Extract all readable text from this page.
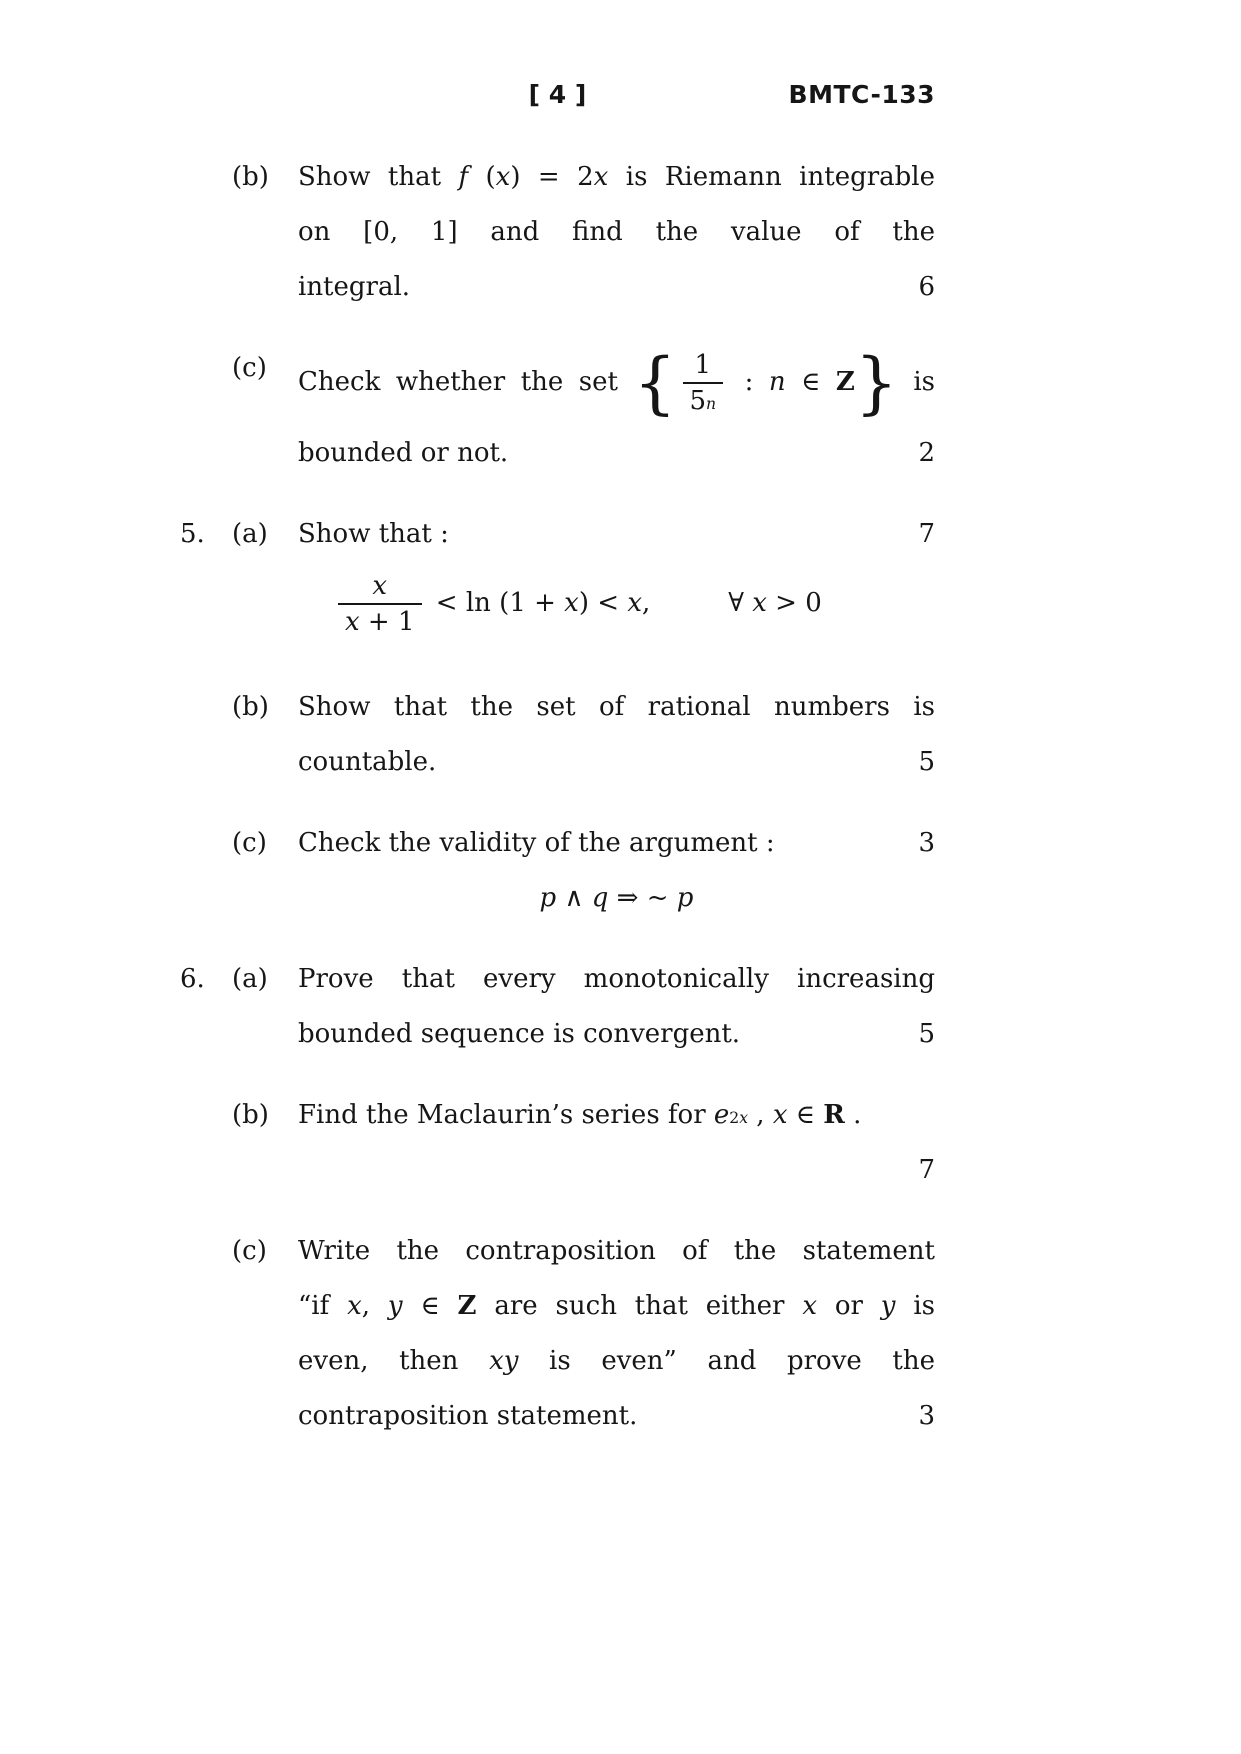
[ 4 ]	BMTC-133
(b)	Show that f (x) = 2x is Riemann integrable
on [0, 1] and find the value of the
integral.	6
(c)	Check whether the set { $\frac{1}{5^n}$ : n ∈ Z} is
bounded or not.	2
5.	(a)	Show that :	7
$\frac{x}{x + 1} < \ln (1 + x) < x$,   	∀ x > 0
(b)	Show that the set of rational numbers is
countable.	5
(c)	Check the validity of the argument :	3
p ∧ q ⇒ ~ p
6.	(a)	Prove that every monotonically increasing
bounded sequence is convergent.	5
(b)	Find the Maclaurin’s series for $e^{2x}$ , x ∈ R .
7
(c)	Write the contraposition of the statement
“if x, y ∈ Z are such that either x or y is
even, then xy is even” and prove the
contraposition statement.	3
